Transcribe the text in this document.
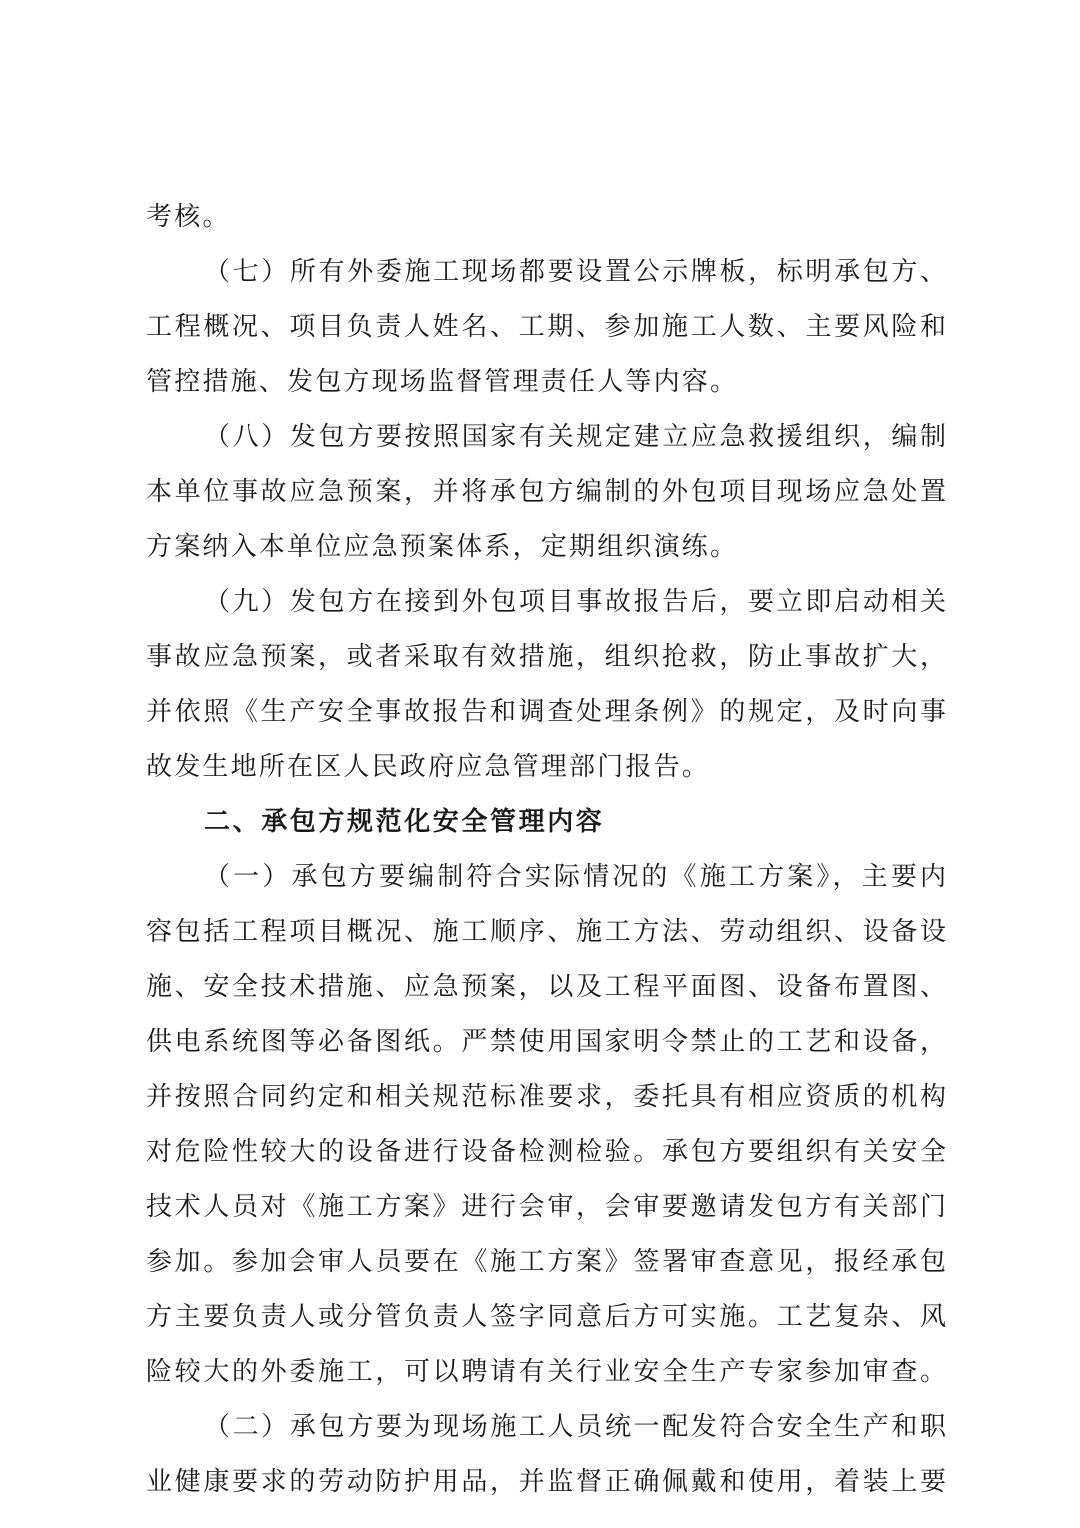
考核。
（七）所有外委施工现场都要设置公示牌板，标明承包方、
工程概况、项目负责人姓名、工期、参加施工人数、主要风险和
管控措施、发包方现场监督管理责任人等内容。
（八）发包方要按照国家有关规定建立应急救援组织，编制
本单位事故应急预案，并将承包方编制的外包项目现场应急处置
方案纳入本单位应急预案体系，定期组织演练。
（九）发包方在接到外包项目事故报告后，要立即启动相关
事故应急预案，或者采取有效措施，组织抢救，防止事故扩大，
并依照《生产安全事故报告和调查处理条例》的规定，及时向事
故发生地所在区人民政府应急管理部门报告。
二、承包方规范化安全管理内容
（一）承包方要编制符合实际情况的《施工方案》，主要内
容包括工程项目概况、施工顺序、施工方法、劳动组织、设备设
施、安全技术措施、应急预案，以及工程平面图、设备布置图、
供电系统图等必备图纸。严禁使用国家明令禁止的工艺和设备，
并按照合同约定和相关规范标准要求，委托具有相应资质的机构
对危险性较大的设备进行设备检测检验。承包方要组织有关安全
技术人员对《施工方案》进行会审，会审要邀请发包方有关部门
参加。参加会审人员要在《施工方案》签署审查意见，报经承包
方主要负责人或分管负责人签字同意后方可实施。工艺复杂、风
险较大的外委施工，可以聘请有关行业安全生产专家参加审查。
（二）承包方要为现场施工人员统一配发符合安全生产和职
业健康要求的劳动防护用品，并监督正确佩戴和使用，着装上要
